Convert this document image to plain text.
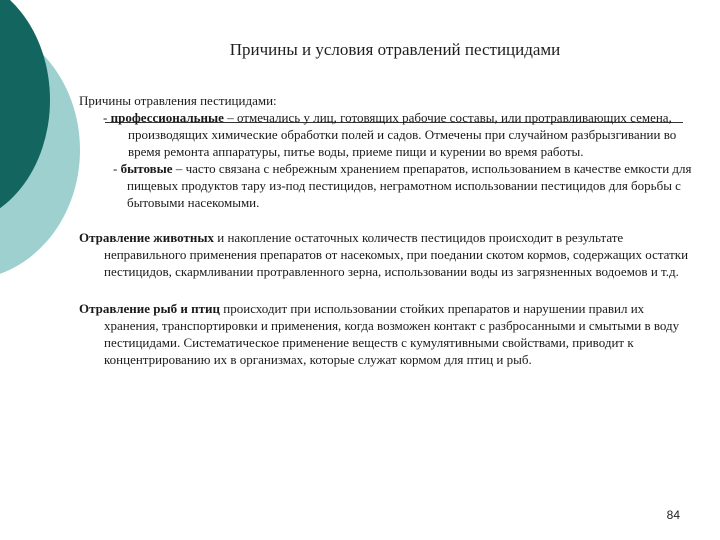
Причины и условия отравлений пестицидами

Причины отравления пестицидами:

- профессиональные – отмечались у лиц, готовящих рабочие составы, или протравливающих семена, производящих химические обработки полей и садов. Отмечены при случайном разбрызгивании во время ремонта аппаратуры, питье воды, приеме пищи и курении во время работы.

- бытовые – часто связана с небрежным хранением препаратов, использованием в качестве емкости для пищевых продуктов тару из-под пестицидов, неграмотном использовании пестицидов для борьбы с бытовыми насекомыми.

Отравление животных и накопление остаточных количеств пестицидов происходит в результате неправильного применения препаратов от насекомых, при поедании скотом кормов, содержащих остатки пестицидов, скармливании протравленного зерна, использовании воды из загрязненных водоемов и т.д.

Отравление рыб и птиц происходит при использовании стойких препаратов и нарушении правил их хранения, транспортировки и применения, когда возможен контакт с разбросанными и смытыми в воду пестицидами. Систематическое применение веществ с кумулятивными свойствами, приводит к концентрированию их в организмах, которые служат кормом для птиц и рыб.

84
